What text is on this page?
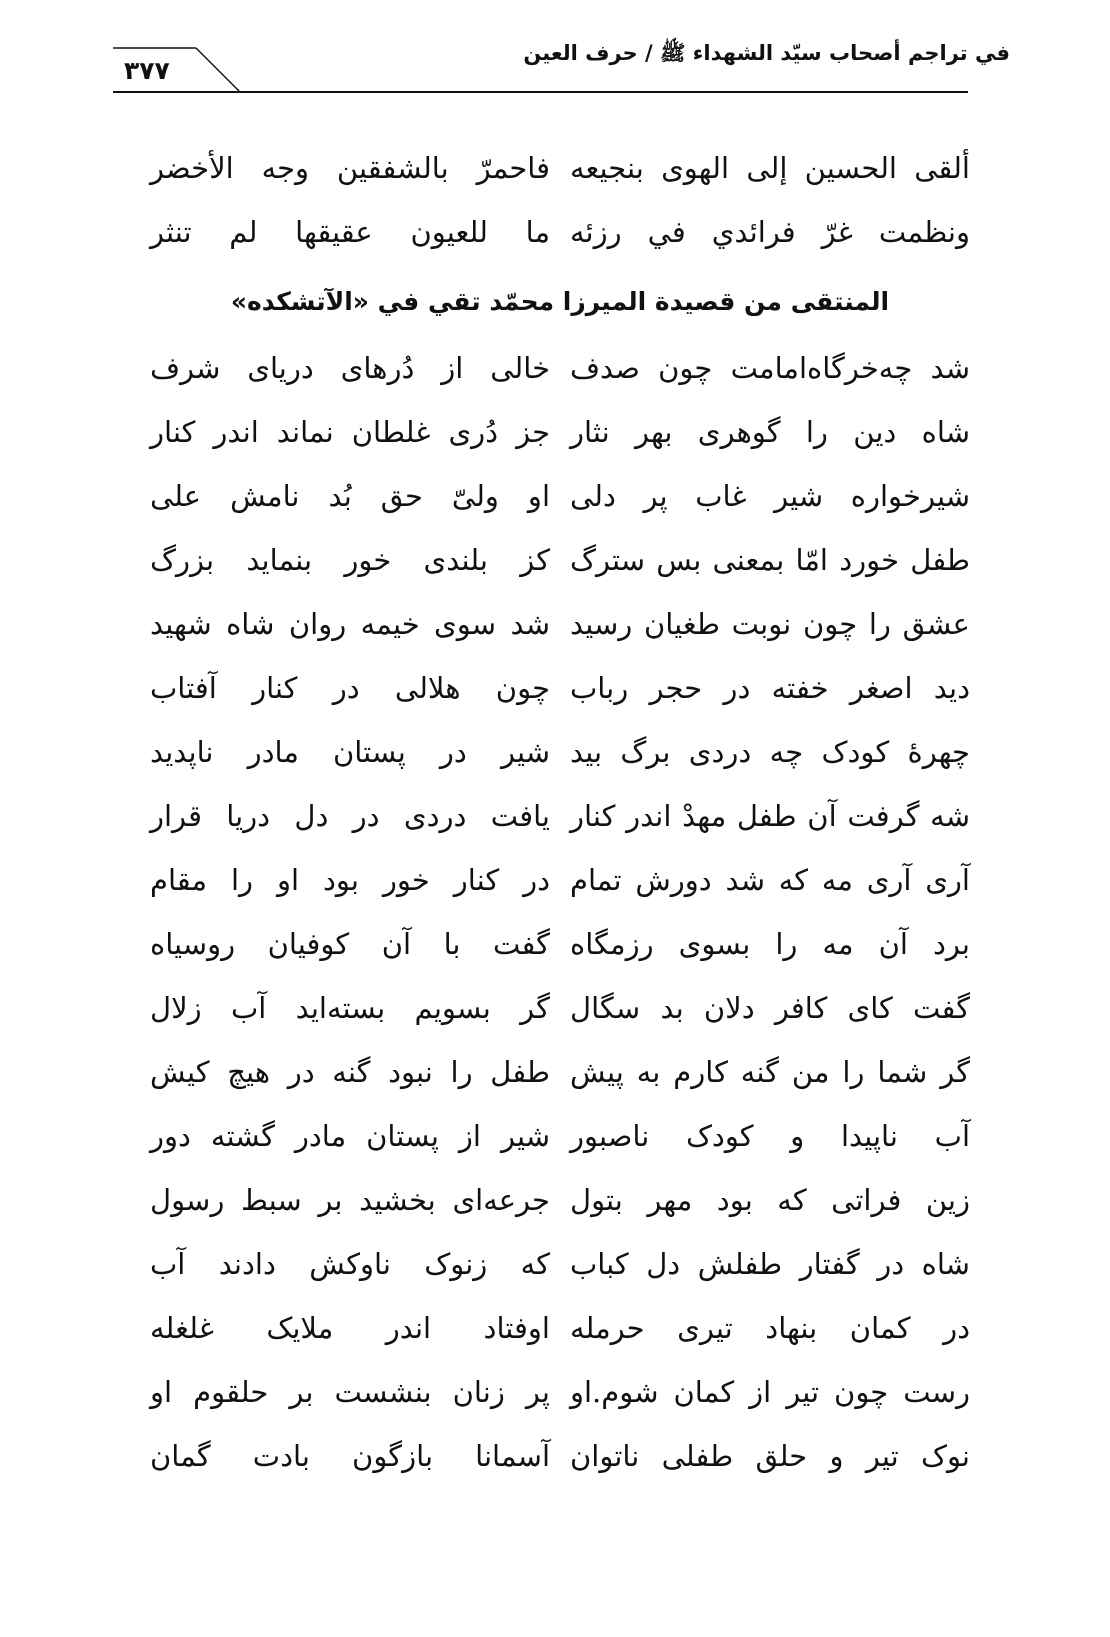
في تراجم أصحاب سيّد الشهداء ﷺ / حرف العين
۳۷۷
ألقى الحسين إلى الهوى بنجيعه
فاحمرّ بالشفقين وجه الأخضر
ونظمت غرّ فرائدي في رزئه
ما للعيون عقيقها لم تنثر
المنتقى من قصيدة الميرزا محمّد تقي في «الآتشكده»
شد چه‌خرگاه‌امامت چون صدف
خالی از دُرهای دریای شرف
شاه دین را گوهری بهر نثار
جز دُری غلطان نماند اندر کنار
شیرخواره شیر غاب پر دلی
او ولیّ حق بُد نامش علی
طفل خورد امّا بمعنی بس سترگ
کز بلندی خور بنماید بزرگ
عشق را چون نوبت طغیان رسید
شد سوی خیمه روان شاه شهید
دید اصغر خفته در حجر رباب
چون هلالی در کنار آفتاب
چهرهٔ کودک چه دردی برگ بید
شیر در پستان مادر ناپدید
شه گرفت آن طفل مهدْ اندر کنار
یافت دردی در دل دریا قرار
آری آری مه که شد دورش تمام
در کنار خور بود او را مقام
برد آن مه را بسوی رزمگاه
گفت با آن کوفیان روسیاه
گفت کای کافر دلان بد سگال
گر بسویم بسته‌اید آب زلال
گر شما را من گنه کارم به پیش
طفل را نبود گنه در هیچ کیش
آب ناپیدا و کودک ناصبور
شیر از پستان مادر گشته دور
زین فراتی که بود مهر بتول
جرعه‌ای بخشید بر سبط رسول
شاه در گفتار طفلش دل کباب
که زنوک ناوکش دادند آب
در کمان بنهاد تیری حرمله
اوفتاد اندر ملایک غلغله
رست چون تیر از کمان شوم.او
پر زنان بنشست بر حلقوم او
نوک تیر و حلق طفلی ناتوان
آسمانا بازگون بادت گمان
